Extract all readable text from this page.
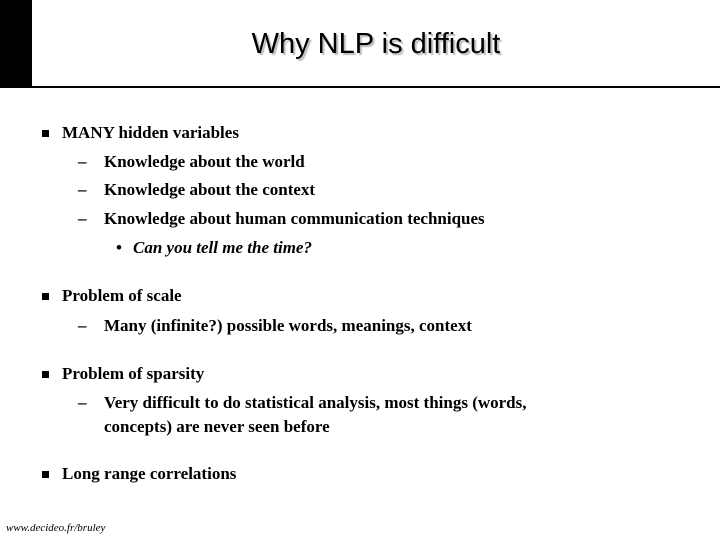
Why NLP is difficult

MANY hidden variables

– Knowledge about the world

– Knowledge about the context

– Knowledge about human communication techniques

• Can you tell me the time?

Problem of scale

– Many (infinite?) possible words, meanings, context

Problem of sparsity

– Very difficult to do statistical analysis, most things (words,

concepts) are never seen before

Long range correlations

www.decideo.fr/bruley
